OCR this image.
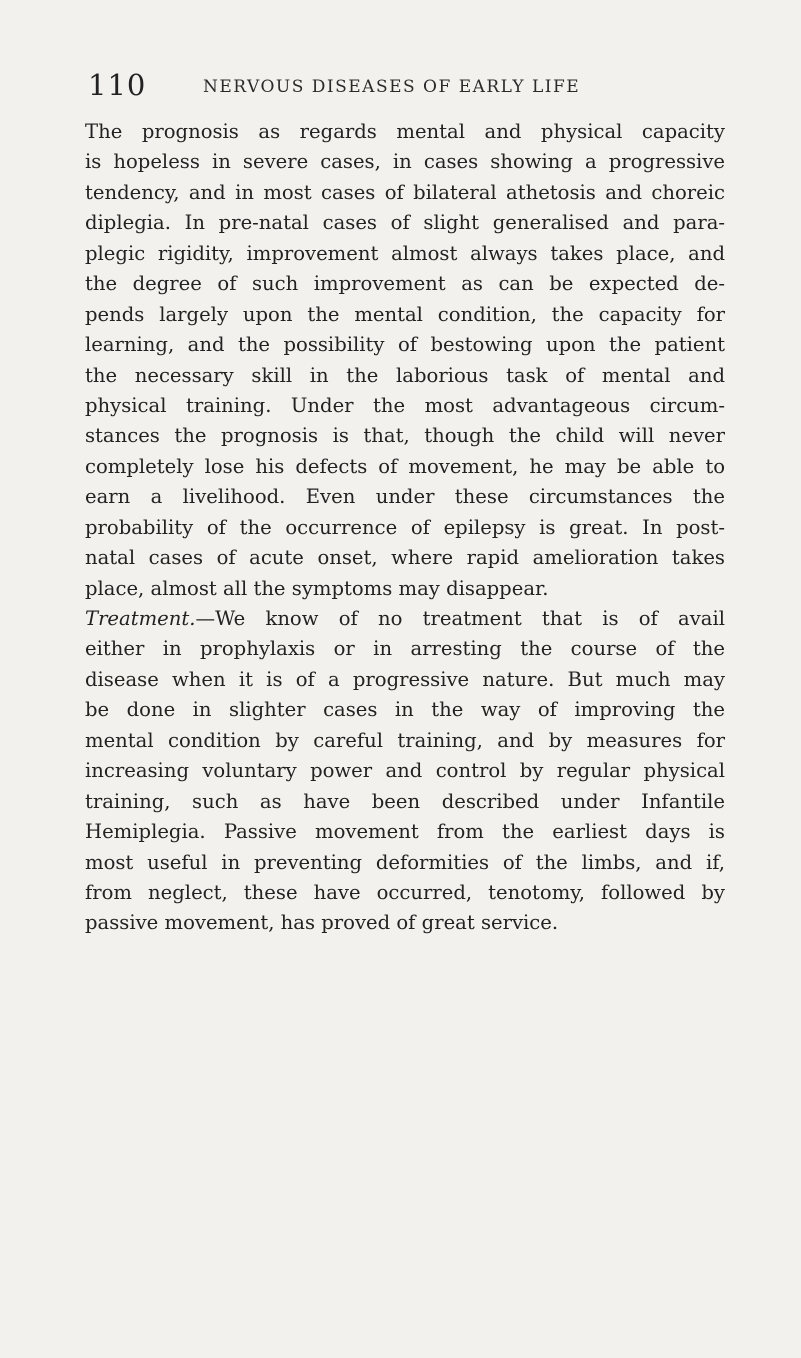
110	NERVOUS DISEASES OF EARLY LIFE
The prognosis as regards mental and physical capacity
is hopeless in severe cases, in cases showing a progressive
tendency, and in most cases of bilateral athetosis and choreic
diplegia. In pre-natal cases of slight generalised and para-
plegic rigidity, improvement almost always takes place, and
the degree of such improvement as can be expected de-
pends largely upon the mental condition, the capacity for
learning, and the possibility of bestowing upon the patient
the necessary skill in the laborious task of mental and
physical training. Under the most advantageous circum-
stances the prognosis is that, though the child will never
completely lose his defects of movement, he may be able to
earn a livelihood. Even under these circumstances the
probability of the occurrence of epilepsy is great. In post-
natal cases of acute onset, where rapid amelioration takes
place, almost all the symptoms may disappear.
Treatment.—We know of no treatment that is of avail
either in prophylaxis or in arresting the course of the
disease when it is of a progressive nature. But much may
be done in slighter cases in the way of improving the
mental condition by careful training, and by measures for
increasing voluntary power and control by regular physical
training, such as have been described under Infantile
Hemiplegia. Passive movement from the earliest days is
most useful in preventing deformities of the limbs, and if,
from neglect, these have occurred, tenotomy, followed by
passive movement, has proved of great service.
